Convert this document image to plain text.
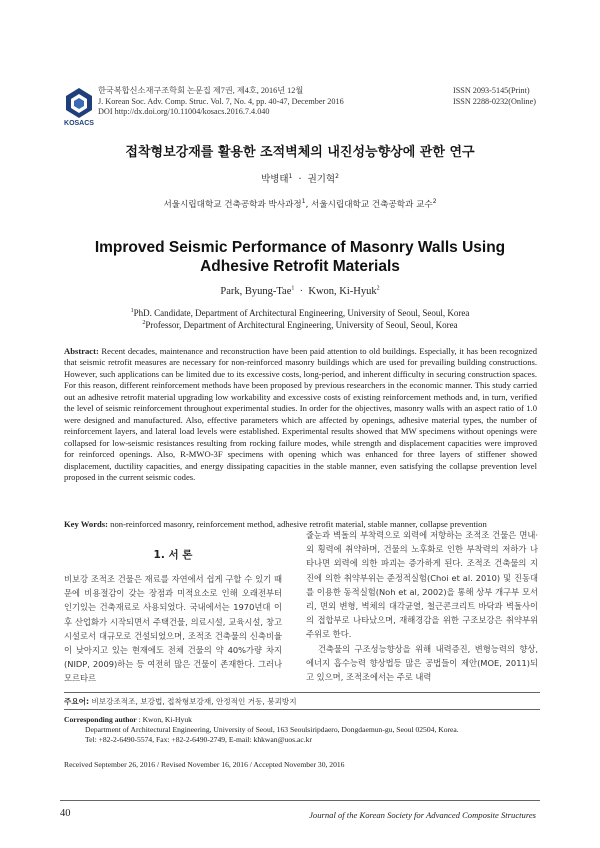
KOSACS
한국복합신소재구조학회 논문집 제7권, 제4호, 2016년 12월
J. Korean Soc. Adv. Comp. Struc. Vol. 7, No. 4, pp. 40-47, December 2016
DOI http://dx.doi.org/10.11004/kosacs.2016.7.4.040
ISSN 2093-5145(Print)
ISSN 2288-0232(Online)
접착형보강재를 활용한 조적벽체의 내진성능향상에 관한 연구
박병태$^1$ · 권기혁$^2$
서울시립대학교 건축공학과 박사과정$^1$, 서울시립대학교 건축공학과 교수$^2$
Improved Seismic Performance of Masonry Walls Using
Adhesive Retrofit Materials
Park, Byung-Tae$^1$ · Kwon, Ki-Hyuk$^2$
$^1$PhD. Candidate, Department of Architectural Engineering, University of Seoul, Seoul, Korea
$^2$Professor, Department of Architectural Engineering, University of Seoul, Seoul, Korea
Abstract: Recent decades, maintenance and reconstruction have been paid attention to old buildings. Especially, it has been recognized that seismic retrofit measures are necessary for non-reinforced masonry buildings which are used for prevailing building constructions. However, such applications can be limited due to its excessive costs, long-period, and inherent difficulty in securing construction spaces. For this reason, different reinforcement methods have been proposed by previous researchers in the economic manner. This study carried out an adhesive retrofit material upgrading low workability and excessive costs of existing reinforcement methods and, in turn, verified the level of seismic reinforcement throughout experimental studies. In order for the objectives, masonry walls with an aspect ratio of 1.0 were designed and manufactured. Also, effective parameters which are affected by openings, adhesive material types, the number of reinforcement layers, and lateral load levels were established. Experimental results showed that MW specimens without openings were collapsed for low-seismic resistances resulting from rocking failure modes, while strength and displacement capacities were improved for reinforced openings. Also, R-MWO-3F specimens with opening which was enhanced for three layers of stiffener showed displacement, ductility capacities, and energy dissipating capacities in the stable manner, even satisfying the collapse prevention level proposed in the current seismic codes.
Key Words: non-reinforced masonry, reinforcement method, adhesive retrofit material, stable manner, collapse prevention
1. 서 론
비보강 조적조 건물은 재료를 자연에서 쉽게 구할 수 있기 때문에 비용절감이 갖는 장점과 미적요소로 인해 오래전부터 인기있는 건축재료로 사용되었다. 국내에서는 1970년대 이후 산업화가 시작되면서 주택건물, 의료시설, 교육시설, 창고시설로서 대규모로 건설되었으며, 조적조 건축물의 신축비율이 낮아지고 있는 현재에도 전체 건물의 약 40%가량 차지(NIDP, 2009)하는 등 여전히 많은 건물이 존재한다. 그러나 모르타르
줄눈과 벽돌의 부착력으로 외력에 저항하는 조적조 건물은 면내·외 횡력에 취약하며, 건물의 노후화로 인한 부착력의 저하가 나타나면 외력에 의한 파괴는 증가하게 된다. 조적조 건축물의 지진에 의한 취약부위는 준정적실험(Choi et al. 2010) 및 진동대를 이용한 동적실험(Noh et al, 2002)을 통해 상부 개구부 모서리, 면외 변형, 벽체의 대각균열, 철근콘크리트 바닥과 벽돌사이의 접합부로 나타났으며, 재해경감을 위한 구조보강은 취약부위주위로 한다.
건축물의 구조성능향상을 위해 내력증진, 변형능력의 향상, 에너지 흡수능력 향상법등 많은 공법들이 제안(MOE, 2011)되고 있으며, 조적조에서는 주로 내력
주요어: 비보강조적조, 보강법, 접착형보강재, 안정적인 거동, 붕괴방지
Corresponding author : Kwon, Ki-Hyuk
Department of Architectural Engineering, University of Seoul, 163 Seoulsiripdaero, Dongdaemun-gu, Seoul 02504, Korea.
Tel: +82-2-6490-5574, Fax: +82-2-6490-2749, E-mail: khkwan@uos.ac.kr
Received September 26, 2016 / Revised November 16, 2016 / Accepted November 30, 2016
40	Journal of the Korean Society for Advanced Composite Structures
